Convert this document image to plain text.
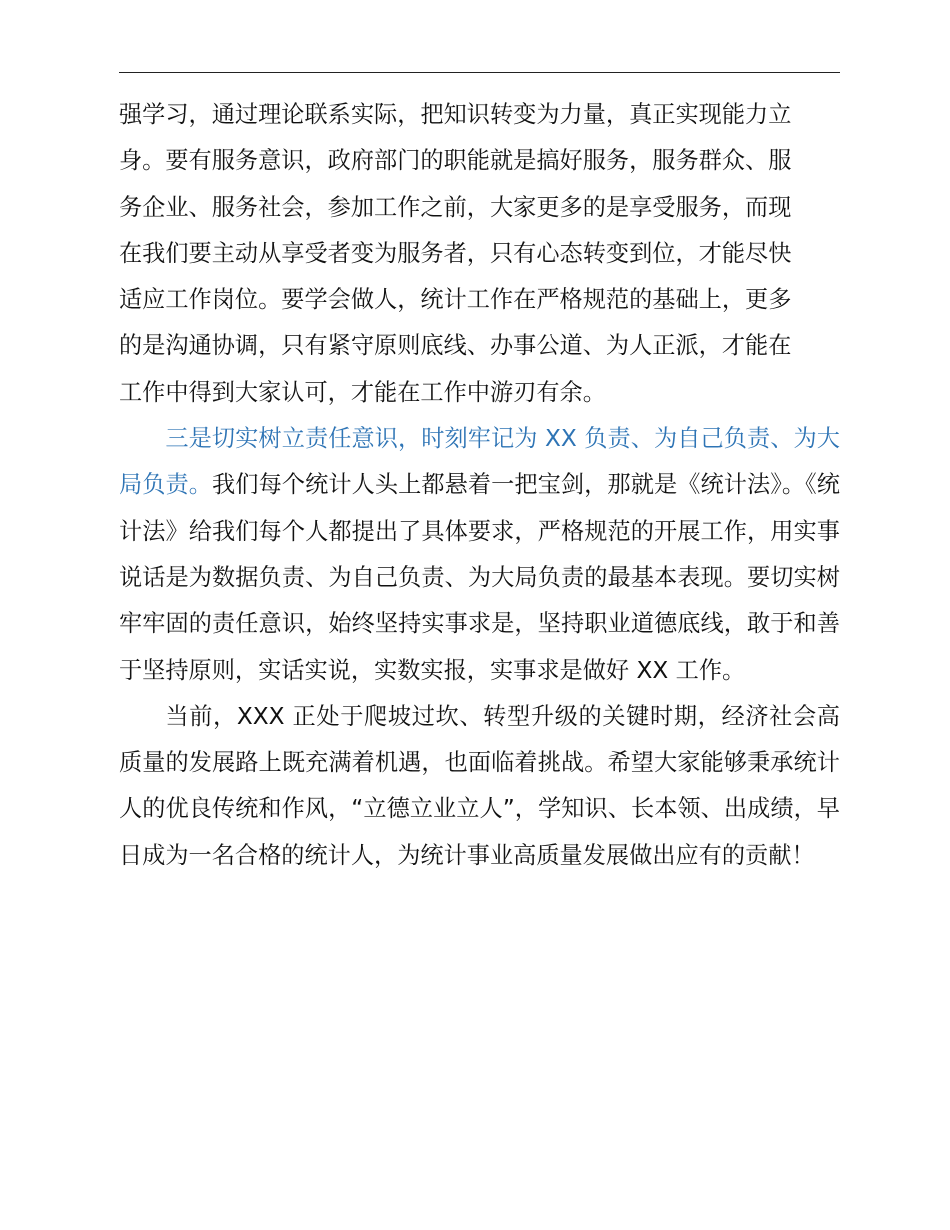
强学习，通过理论联系实际，把知识转变为力量，真正实现能力立
身。要有服务意识，政府部门的职能就是搞好服务，服务群众、服
务企业、服务社会，参加工作之前，大家更多的是享受服务，而现
在我们要主动从享受者变为服务者，只有心态转变到位，才能尽快
适应工作岗位。要学会做人，统计工作在严格规范的基础上，更多
的是沟通协调，只有紧守原则底线、办事公道、为人正派，才能在
工作中得到大家认可，才能在工作中游刃有余。

三是切实树立责任意识，时刻牢记为 XX 负责、为自己负责、为大局负责。我们每个统计人头上都悬着一把宝剑，那就是《统计法》。《统计法》给我们每个人都提出了具体要求，严格规范的开展工作，用实事说话是为数据负责、为自己负责、为大局负责的最基本表现。要切实树牢牢固的责任意识，始终坚持实事求是，坚持职业道德底线，敢于和善于坚持原则，实话实说，实数实报，实事求是做好 XX 工作。

当前，XXX 正处于爬坡过坎、转型升级的关键时期，经济社会高质量的发展路上既充满着机遇，也面临着挑战。希望大家能够秉承统计人的优良传统和作风，“立德立业立人”，学知识、长本领、出成绩，早日成为一名合格的统计人，为统计事业高质量发展做出应有的贡献！
